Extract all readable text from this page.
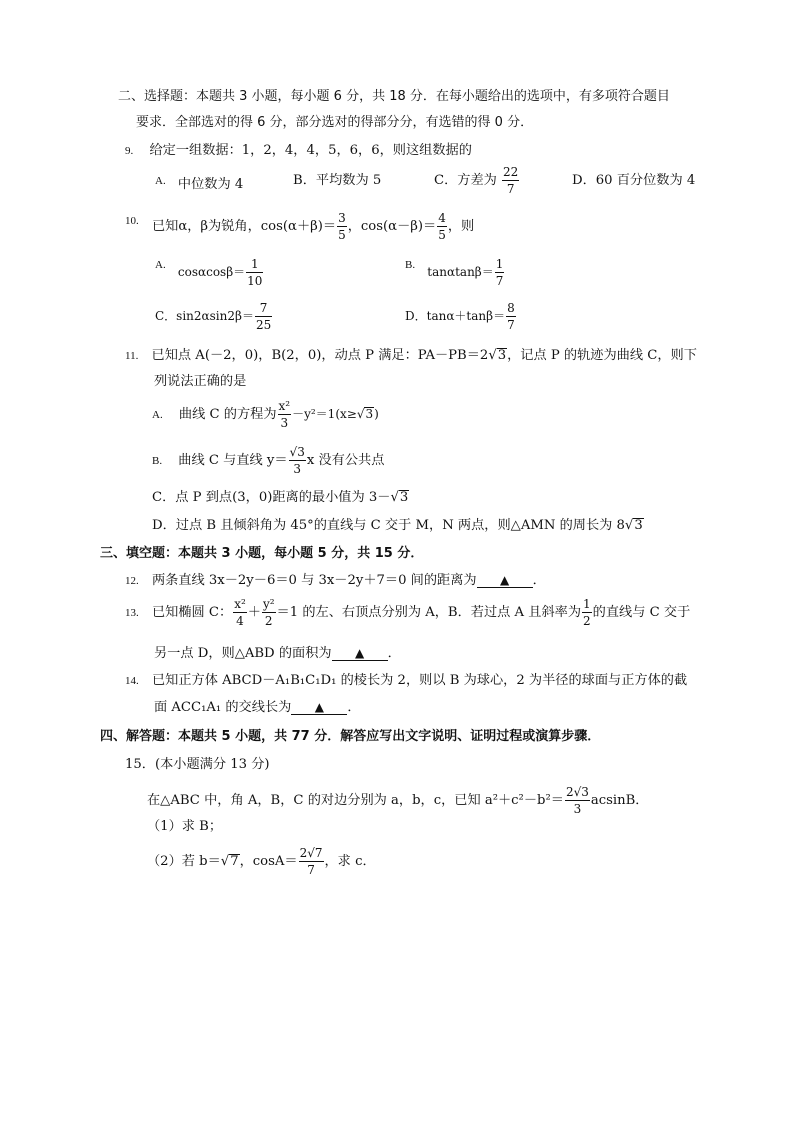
二、选择题：本题共 3 小题，每小题 6 分，共 18 分．在每小题给出的选项中，有多项符合题目
要求．全部选对的得 6 分，部分选对的得部分分，有选错的得 0 分．
9. 给定一组数据：1，2，4，4，5，6，6，则这组数据的
$^{A.}$ 中位数为 4	B．平均数为 5	C．方差为 $\frac{22}{7}$	D．60 百分位数为 4
$^{10.}$ 已知α，β为锐角，$\cos(\alpha+\beta)= \frac{3}{5}$ ，$\cos(\alpha-\beta)= \frac{4}{5}$ ，则
$^{A.}$ $\cos\alpha\cos\beta= \frac{1}{10}$	$^{B.}$ $\tan\alpha\tan\beta= \frac{1}{7}$
C．$\sin 2\alpha\sin 2\beta= \frac{7}{25}$	D．$\tan\alpha+\tan\beta= \frac{8}{7}$
11. 已知点 A(－2，0)，B(2，0)，动点 P 满足：PA－PB＝2√3，记点 P 的轨迹为曲线 C，则下
列说法正确的是
A. 曲线 C 的方程为 $\frac{\text{x²}}{3} -y^2=1(x\ge√3)$
B. 曲线 C 与直线 $y= \frac{√3}{3}$ x 没有公共点
C．点 P 到点(3，0)距离的最小值为 3－√3
D．过点 B 且倾斜角为 45°的直线与 C 交于 M，N 两点，则△AMN 的周长为 8√3
三、填空题：本题共 3 小题，每小题 5 分，共 15 分．
12. 两条直线 3x－2y－6＝0 与 3x－2y＋7＝0 间的距离为 ▲ ．
13. 已知椭圆 C： $\frac{\text{x²}}{4} + \frac{\text{y²}}{2} =1$ 的左、右顶点分别为 A，B．若过点 A 且斜率为 $\frac{1}{2}$ 的直线与 C 交于
另一点 D，则△ABD 的面积为 ▲ ．
14. 已知正方体 ABCD－A₁B₁C₁D₁ 的棱长为 2，则以 B 为球心，2 为半径的球面与正方体的截
面 ACC₁A₁ 的交线长为 ▲ ．
四、解答题：本题共 5 小题，共 77 分．解答应写出文字说明、证明过程或演算步骤．
15．(本小题满分 13 分)
在△ABC 中，角 A，B，C 的对边分别为 a，b，c，已知 $a^2+c^2-b^2= \frac{2√3}{3}$ acsinB．
（1）求 B；
（2）若 b＝√7，$\cos A= \frac{2√7}{7}$ ，求 c．
